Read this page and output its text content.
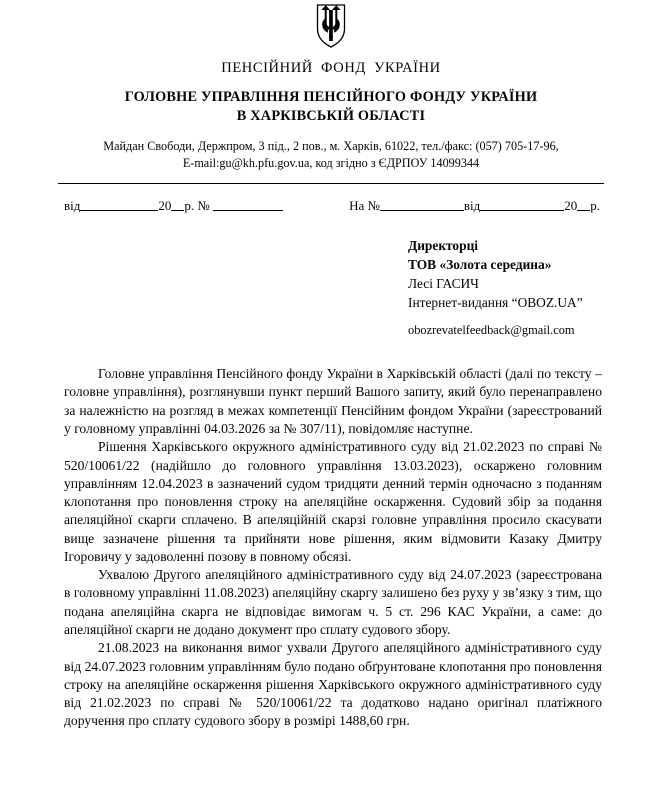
ПЕНСІЙНИЙ ФОНД УКРАЇНИ
ГОЛОВНЕ УПРАВЛІННЯ ПЕНСІЙНОГО ФОНДУ УКРАЇНИ
В ХАРКІВСЬКІЙ ОБЛАСТІ
Майдан Свободи, Держпром, 3 під., 2 пов., м. Харків, 61022, тел./факс: (057) 705-17-96,
E-mail:gu@kh.pfu.gov.ua, код згідно з ЄДРПОУ 14099344
від	20 р. №	На №	від	20 р.
Директорці
ТОВ «Золота середина»
Лесі ГАСИЧ
Інтернет-видання “OBOZ.UA”
obozrevatelfeedback@gmail.com

Головне управління Пенсійного фонду України в Харківській області (далі по тексту – головне управління), розглянувши пункт перший Вашого запиту, який було перенаправлено за належністю на розгляд в межах компетенції Пенсійним фондом України (зареєстрований у головному управлінні 04.03.2026 за № 307/11), повідомляє наступне.

Рішення Харківського окружного адміністративного суду від 21.02.2023 по справі № 520/10061/22 (надійшло до головного управління 13.03.2023), оскаржено головним управлінням 12.04.2023 в зазначений судом тридцяти денний термін одночасно з поданням клопотання про поновлення строку на апеляційне оскарження. Судовий збір за подання апеляційної скарги сплачено. В апеляційній скарзі головне управління просило скасувати вище зазначене рішення та прийняти нове рішення, яким відмовити Казаку Дмитру Ігоровичу у задоволенні позову в повному обсязі.

Ухвалою Другого апеляційного адміністративного суду від 24.07.2023 (зареєстрована в головному управлінні 11.08.2023) апеляційну скаргу залишено без руху у зв’язку з тим, що подана апеляційна скарга не відповідає вимогам ч. 5 ст. 296 КАС України, а саме: до апеляційної скарги не додано документ про сплату судового збору.

21.08.2023 на виконання вимог ухвали Другого апеляційного адміністративного суду від 24.07.2023 головним управлінням було подано обґрунтоване клопотання про поновлення строку на апеляційне оскарження рішення Харківського окружного адміністративного суду від 21.02.2023 по справі № 520/10061/22 та додатково надано оригінал платіжного доручення про сплату судового збору в розмірі 1488,60 грн.
